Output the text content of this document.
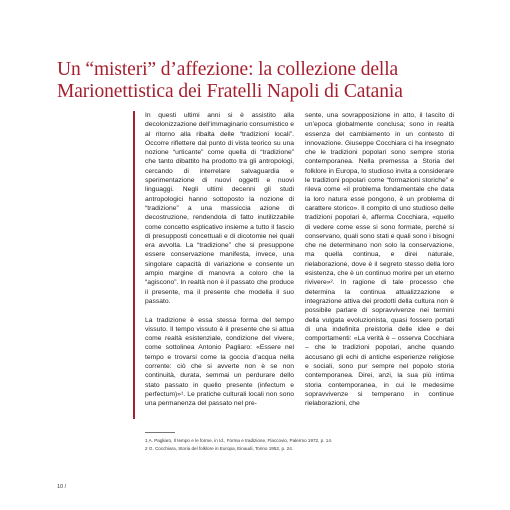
Un “misteri” d’affezione: la collezione della Marionettistica dei Fratelli Napoli di Catania

In questi ultimi anni si è assistito alla decolonizzazione dell’immaginario consumistico e al ritorno alla ribalta delle “tradizioni locali”. Occorre riflettere dal punto di vista teorico su una nozione “urticante” come quella di “tradizione” che tanto dibattito ha prodotto tra gli antropologi, cercando di interrelare salvaguardia e sperimentazione di nuovi oggetti e nuovi linguaggi. Negli ultimi decenni gli studi antropologici hanno sottoposto la nozione di “tradizione” a una massiccia azione di decostruzione, rendendola di fatto inutilizzabile come concetto esplicativo insieme a tutto il fascio di presupposti concettuali e di dicotomie nei quali era avvolta. La “tradizione” che si presuppone essere conservazione manifesta, invece, una singolare capacità di variazione e consente un ampio margine di manovra a coloro che la “agiscono”. In realtà non è il passato che produce il presente, ma il presente che modella il suo passato.

La tradizione è essa stessa forma del tempo vissuto. Il tempo vissuto è il presente che si attua come realtà esistenziale, condizione del vivere, come sottolinea Antonio Pagliaro: «Essere nel tempo e trovarsi come la goccia d’acqua nella corrente: ciò che si avverte non è se non continuità, durata, semmai un perdurare dello stato passato in quello presente (infectum e perfectum)»¹. Le pratiche culturali locali non sono una permanenza del passato nel pre-

sente, una sovrapposizione in atto, il lascito di un’epoca globalmente conclusa; sono in realtà essenza del cambiamento in un contesto di innovazione. Giuseppe Cocchiara ci ha insegnato che le tradizioni popolari sono sempre storia contemporanea. Nella premessa a Storia del folklore in Europa, lo studioso invita a considerare le tradizioni popolari come “formazioni storiche” e rileva come «il problema fondamentale che data la loro natura esse pongono, è un problema di carattere storico». Il compito di uno studioso delle tradizioni popolari è, afferma Cocchiara, «quello di vedere come esse si sono formate, perché si conservano, quali sono stati e quali sono i bisogni che ne determinano non solo la conservazione, ma quella continua, e direi naturale, rielaborazione, dove è il segreto stesso della loro esistenza, che è un continuo morire per un eterno rivivere»². In ragione di tale processo che determina la continua attualizzazione e integrazione attiva dei prodotti della cultura non è possibile parlare di sopravvivenze nei termini della vulgata evoluzionista, quasi fossero portati di una indefinita preistoria delle idee e dei comportamenti: «La verità è – osserva Cocchiara – che le tradizioni popolari, anche quando accusano gli echi di antiche esperienze religiose e sociali, sono pur sempre nel popolo storia contemporanea. Direi, anzi, la sua più intima storia contemporanea, in cui le medesime sopravvivenze si temperano in continue rielaborazioni, che

1 A. Pagliaro, Il tempo e le forme, in Id., Forma e tradizione, Flaccovio, Palermo 1972, p. 14.
2 G. Cocchiara, Storia del folklore in Europa, Einaudi, Torino 1952, p. 24.
10 /
